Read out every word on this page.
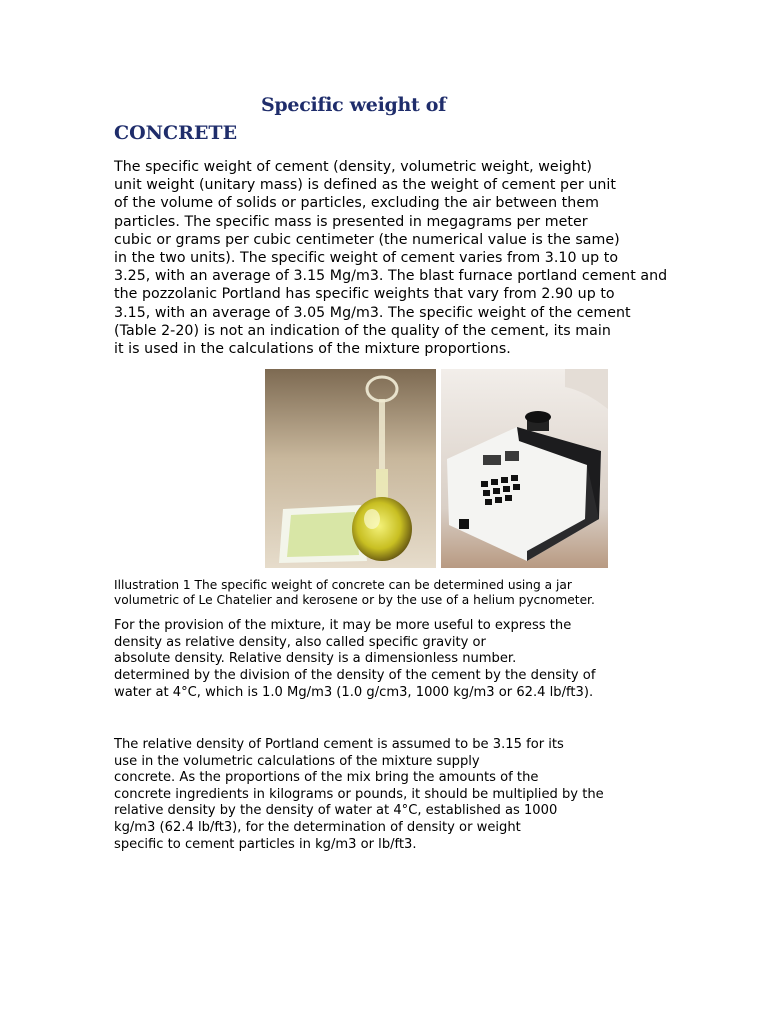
Specific weight of
CONCRETE

The specific weight of cement (density, volumetric weight, weight)
unit weight (unitary mass) is defined as the weight of cement per unit
of the volume of solids or particles, excluding the air between them
particles. The specific mass is presented in megagrams per meter
cubic or grams per cubic centimeter (the numerical value is the same)
in the two units). The specific weight of cement varies from 3.10 up to
3.25, with an average of 3.15 Mg/m3. The blast furnace portland cement and
the pozzolanic Portland has specific weights that vary from 2.90 up to
3.15, with an average of 3.05 Mg/m3. The specific weight of the cement
(Table 2-20) is not an indication of the quality of the cement, its main
it is used in the calculations of the mixture proportions.

Illustration 1 The specific weight of concrete can be determined using a jar
volumetric of Le Chatelier and kerosene or by the use of a helium pycnometer.

For the provision of the mixture, it may be more useful to express the
density as relative density, also called specific gravity or
absolute density. Relative density is a dimensionless number.
determined by the division of the density of the cement by the density of
water at 4°C, which is 1.0 Mg/m3 (1.0 g/cm3, 1000 kg/m3 or 62.4 lb/ft3).

The relative density of Portland cement is assumed to be 3.15 for its
use in the volumetric calculations of the mixture supply
concrete. As the proportions of the mix bring the amounts of the
concrete ingredients in kilograms or pounds, it should be multiplied by the
relative density by the density of water at 4°C, established as 1000
kg/m3 (62.4 lb/ft3), for the determination of density or weight
specific to cement particles in kg/m3 or lb/ft3.
